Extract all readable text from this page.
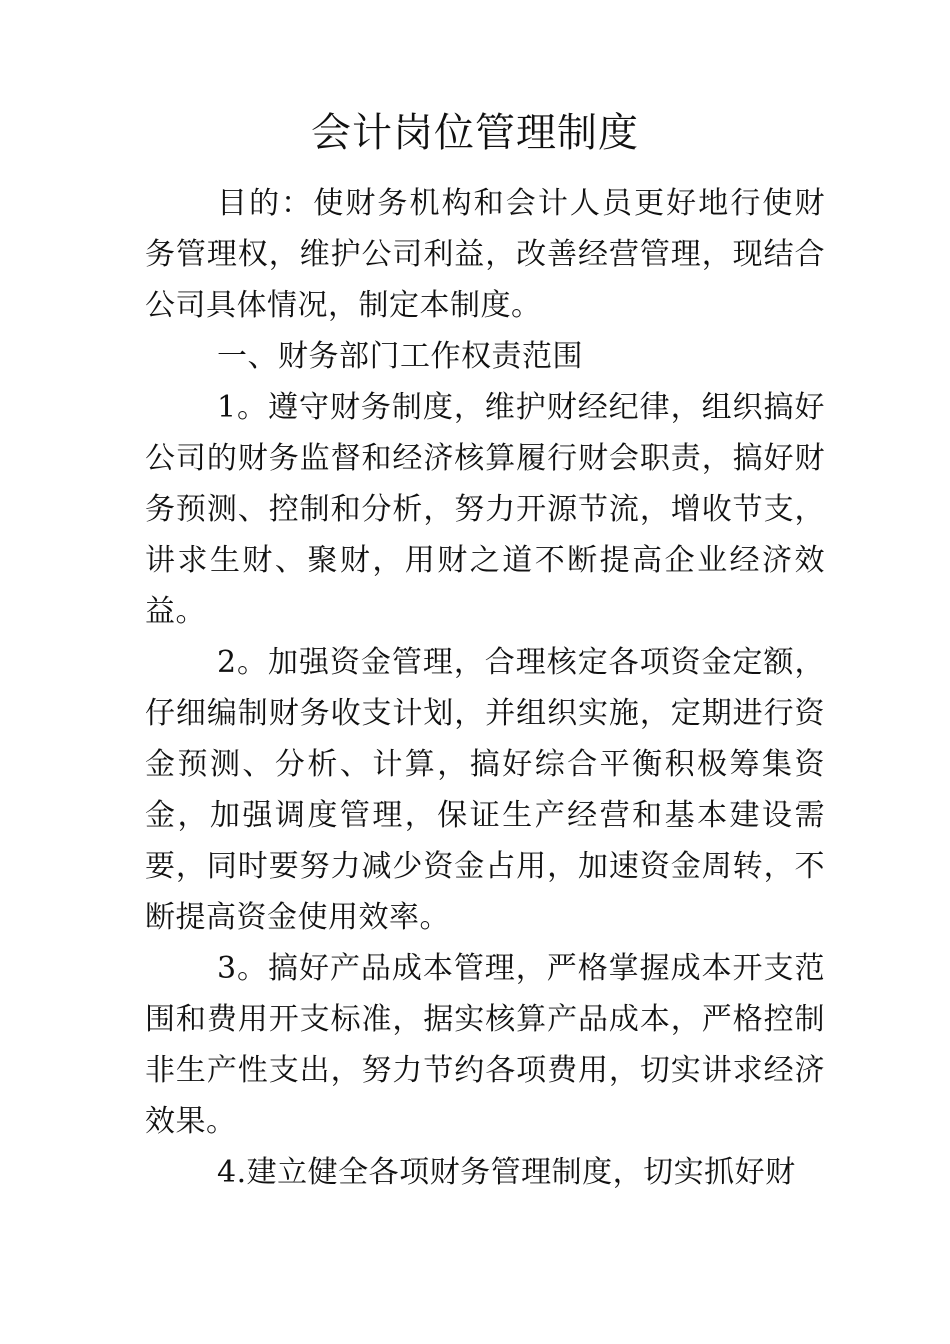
会计岗位管理制度

目的：使财务机构和会计人员更好地行使财务管理权，维护公司利益，改善经营管理，现结合公司具体情况，制定本制度。

一、财务部门工作权责范围

1。遵守财务制度，维护财经纪律，组织搞好公司的财务监督和经济核算履行财会职责，搞好财务预测、控制和分析，努力开源节流，增收节支，讲求生财、聚财，用财之道不断提高企业经济效益。

2。加强资金管理，合理核定各项资金定额，仔细编制财务收支计划，并组织实施，定期进行资金预测、分析、计算，搞好综合平衡积极筹集资金，加强调度管理，保证生产经营和基本建设需要，同时要努力减少资金占用，加速资金周转，不断提高资金使用效率。

3。搞好产品成本管理，严格掌握成本开支范围和费用开支标准，据实核算产品成本，严格控制非生产性支出，努力节约各项费用，切实讲求经济效果。

4.建立健全各项财务管理制度，切实抓好财
